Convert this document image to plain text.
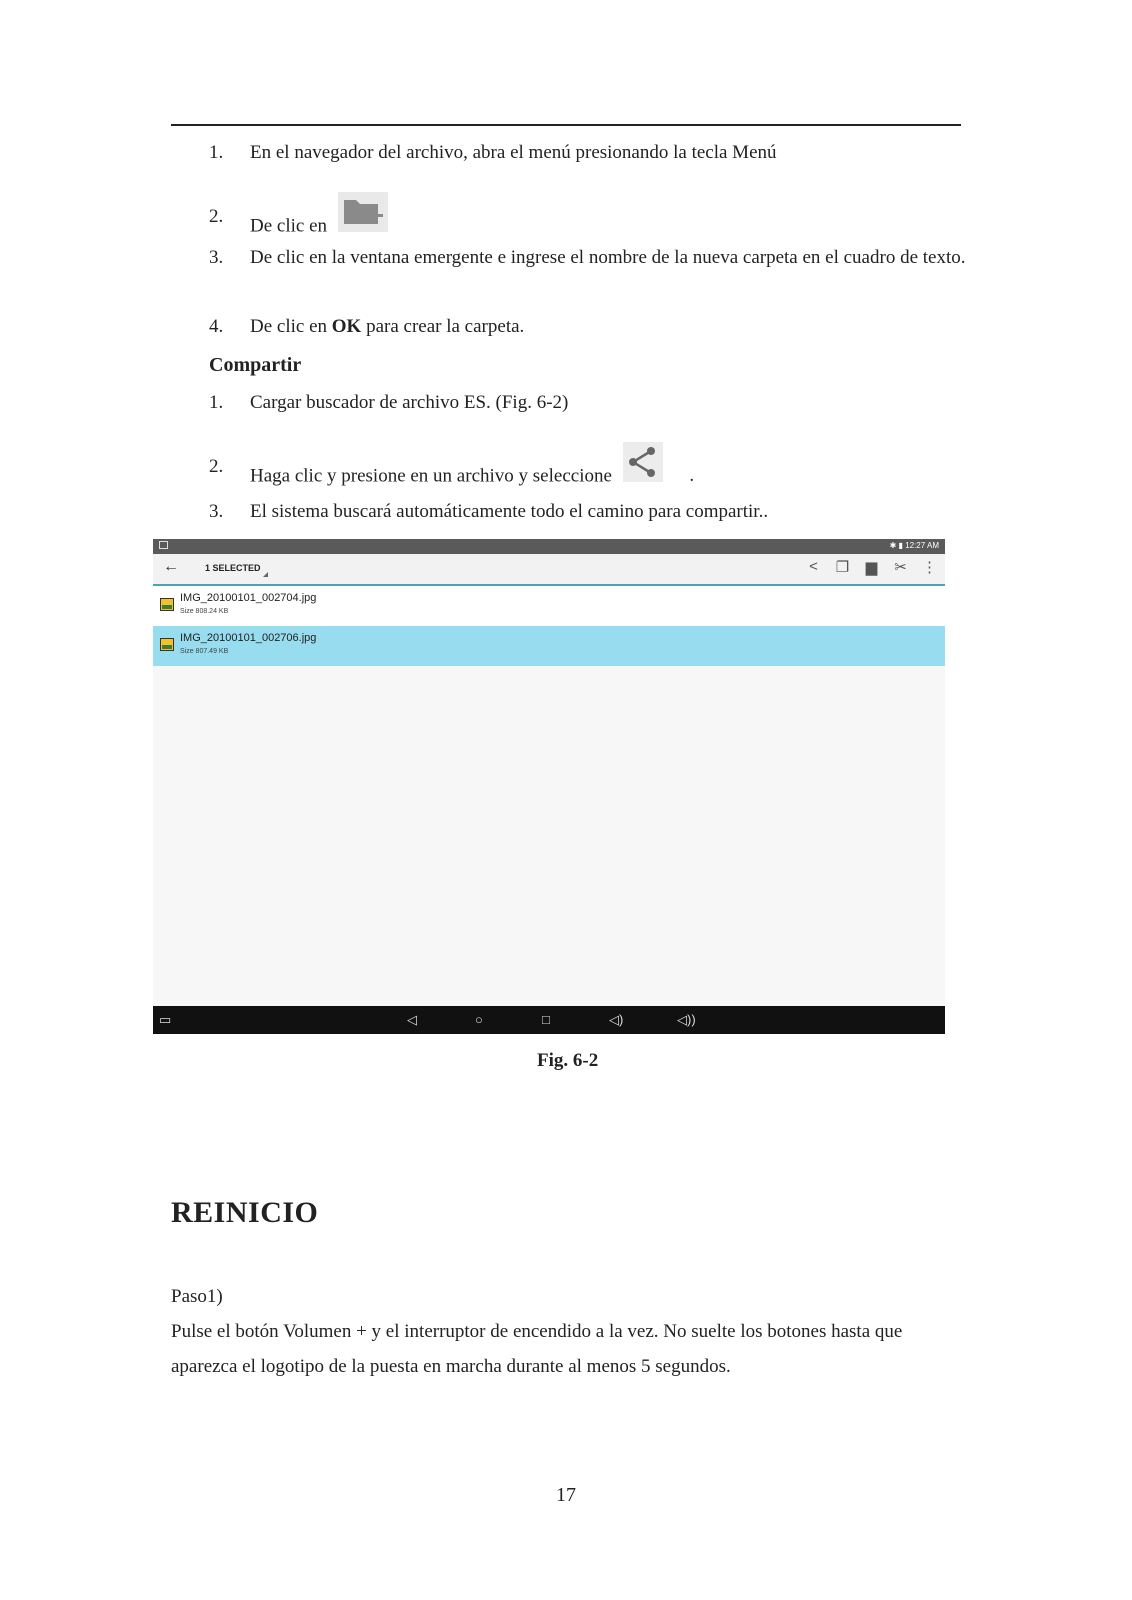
1.	En el navegador del archivo, abra el menú presionando la tecla Menú
2.	De clic en
3.	De clic en la ventana emergente e ingrese el nombre de la nueva carpeta en el cuadro de texto.
4.	De clic en OK para crear la carpeta.
Compartir
1.	Cargar buscador de archivo ES. (Fig. 6-2)
2.	Haga clic y presione en un archivo y seleccione	.
3.	El sistema buscará automáticamente todo el camino para compartir..
✱ ▮ 12:27 AM
←	1 SELECTED	<	❐ ▆ ✂ ⋮
IMG_20100101_002704.jpg
Size 808.24 KB
IMG_20100101_002706.jpg
Size 807.49 KB
▭	◁	○	□	◁)	◁))
Fig. 6-2
REINICIO
Paso1)
Pulse el botón Volumen + y el interruptor de encendido a la vez. No suelte los botones hasta que
aparezca el logotipo de la puesta en marcha durante al menos 5 segundos.
17
